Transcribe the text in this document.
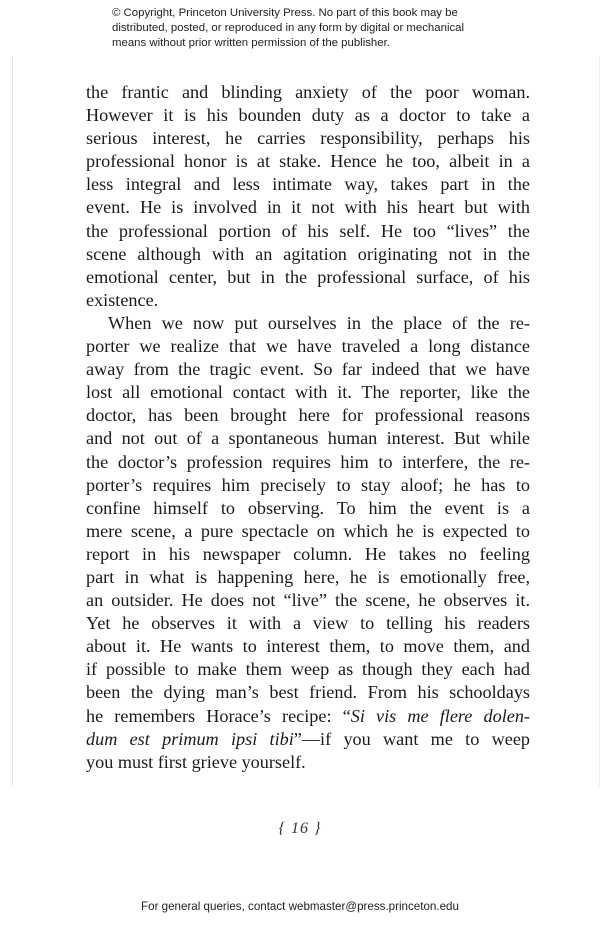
© Copyright, Princeton University Press. No part of this book may be
distributed, posted, or reproduced in any form by digital or mechanical
means without prior written permission of the publisher.
the frantic and blinding anxiety of the poor woman.
However it is his bounden duty as a doctor to take a
serious interest, he carries responsibility, perhaps his
professional honor is at stake. Hence he too, albeit in a
less integral and less intimate way, takes part in the
event. He is involved in it not with his heart but with
the professional portion of his self. He too “lives” the
scene although with an agitation originating not in the
emotional center, but in the professional surface, of his
existence.
When we now put ourselves in the place of the re-
porter we realize that we have traveled a long distance
away from the tragic event. So far indeed that we have
lost all emotional contact with it. The reporter, like the
doctor, has been brought here for professional reasons
and not out of a spontaneous human interest. But while
the doctor’s profession requires him to interfere, the re-
porter’s requires him precisely to stay aloof; he has to
confine himself to observing. To him the event is a
mere scene, a pure spectacle on which he is expected to
report in his newspaper column. He takes no feeling
part in what is happening here, he is emotionally free,
an outsider. He does not “live” the scene, he observes it.
Yet he observes it with a view to telling his readers
about it. He wants to interest them, to move them, and
if possible to make them weep as though they each had
been the dying man’s best friend. From his schooldays
he remembers Horace’s recipe: “Si vis me flere dolen-
dum est primum ipsi tibi”—if you want me to weep
you must first grieve yourself.
{ 16 }
For general queries, contact webmaster@press.princeton.edu
